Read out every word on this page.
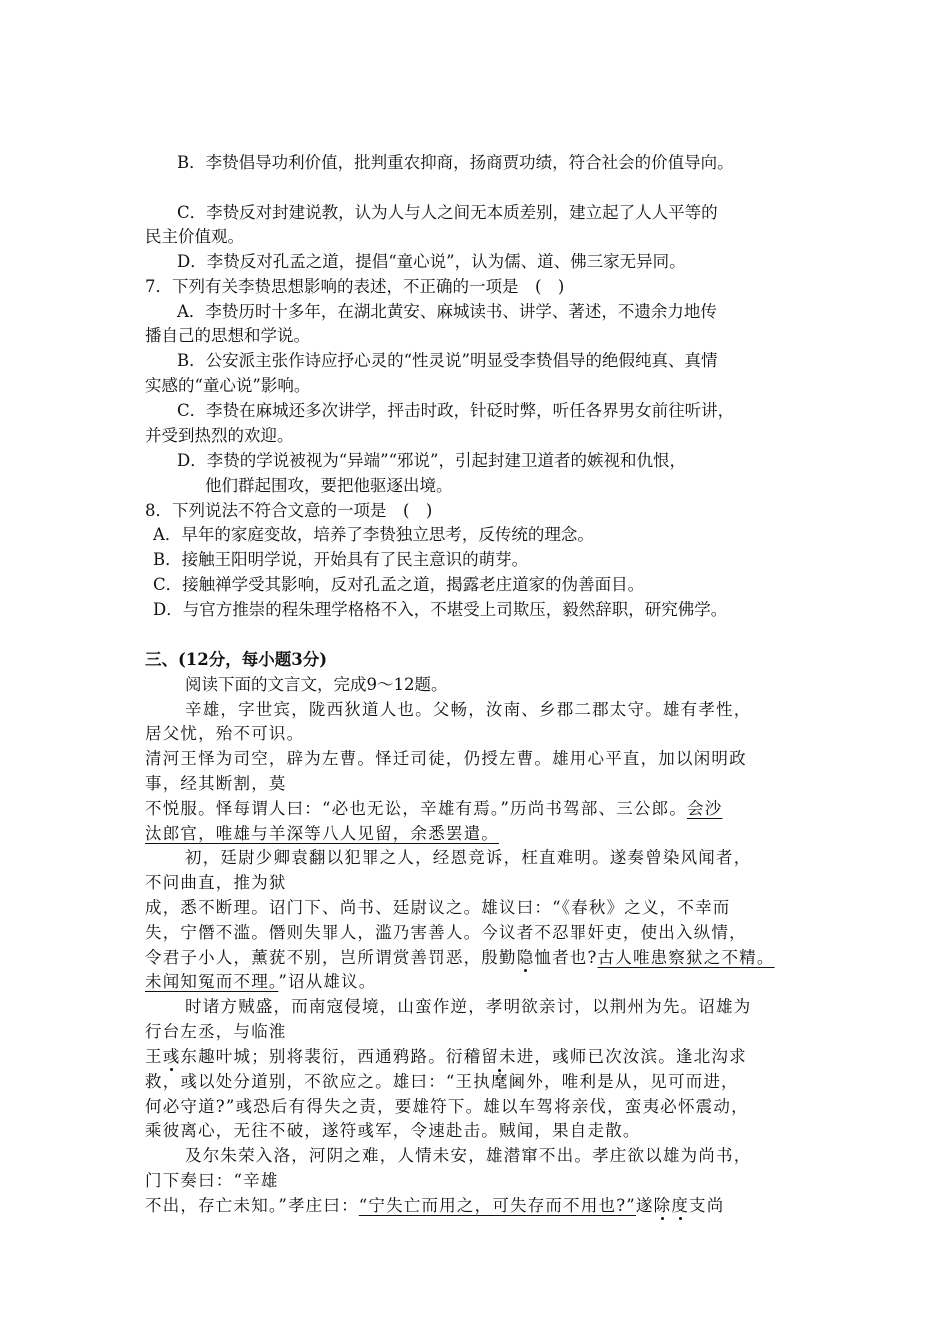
B．李贽倡导功利价值，批判重农抑商，扬商贾功绩，符合社会的价值导向。
C．李贽反对封建说教，认为人与人之间无本质差别，建立起了人人平等的
民主价值观。
D．李贽反对孔孟之道，提倡“童心说”，认为儒、道、佛三家无异同。
7．下列有关李贽思想影响的表述，不正确的一项是　(　)
A．李贽历时十多年，在湖北黄安、麻城读书、讲学、著述，不遗余力地传
播自己的思想和学说。
B．公安派主张作诗应抒心灵的“性灵说”明显受李贽倡导的绝假纯真、真情
实感的“童心说”影响。
C．李贽在麻城还多次讲学，抨击时政，针砭时弊，听任各界男女前往听讲，
并受到热烈的欢迎。
D．李贽的学说被视为“异端”“邪说”，引起封建卫道者的嫉视和仇恨，
他们群起围攻，要把他驱逐出境。
8．下列说法不符合文意的一项是　(　)
A．早年的家庭变故，培养了李贽独立思考，反传统的理念。
B．接触王阳明学说，开始具有了民主意识的萌芽。
C．接触禅学受其影响，反对孔孟之道，揭露老庄道家的伪善面目。
D．与官方推崇的程朱理学格格不入，不堪受上司欺压，毅然辞职，研究佛学。
三、(12分，每小题3分)
阅读下面的文言文，完成9～12题。
辛雄，字世宾，陇西狄道人也。父畅，汝南、乡郡二郡太守。雄有孝性，
居父忧，殆不可识。
清河王怿为司空，辟为左曹。怿迁司徒，仍授左曹。雄用心平直，加以闲明政
事，经其断割，莫
不悦服。怿每谓人曰：“必也无讼，辛雄有焉。”历尚书驾部、三公郎。会沙
汰郎官，唯雄与羊深等八人见留，余悉罢遣。
初，廷尉少卿袁翻以犯罪之人，经恩竞诉，枉直难明。遂奏曾染风闻者，
不问曲直，推为狱
成，悉不断理。诏门下、尚书、廷尉议之。雄议曰：“《春秋》之义，不幸而
失，宁僭不滥。僭则失罪人，滥乃害善人。今议者不忍罪奸吏，使出入纵情，
令君子小人，薰莸不别，岂所谓赏善罚恶，殷勤隐恤者也?古人唯患察狱之不精。
未闻知冤而不理。”诏从雄议。
时诸方贼盛，而南寇侵境，山蛮作逆，孝明欲亲讨，以荆州为先。诏雄为
行台左丞，与临淮
王彧东趣叶城；别将裴衍，西通鸦路。衍稽留未进，彧师已次汝滨。逢北沟求
救，彧以处分道别，不欲应之。雄曰：“王执麾阃外，唯利是从，见可而进，
何必守道?”彧恐后有得失之责，要雄符下。雄以车驾将亲伐，蛮夷必怀震动，
乘彼离心，无往不破，遂符彧军，令速赴击。贼闻，果自走散。
及尔朱荣入洛，河阴之难，人情未安，雄潜窜不出。孝庄欲以雄为尚书，
门下奏曰：“辛雄
不出，存亡未知。”孝庄曰：“宁失亡而用之，可失存而不用也?”遂除度支尚
